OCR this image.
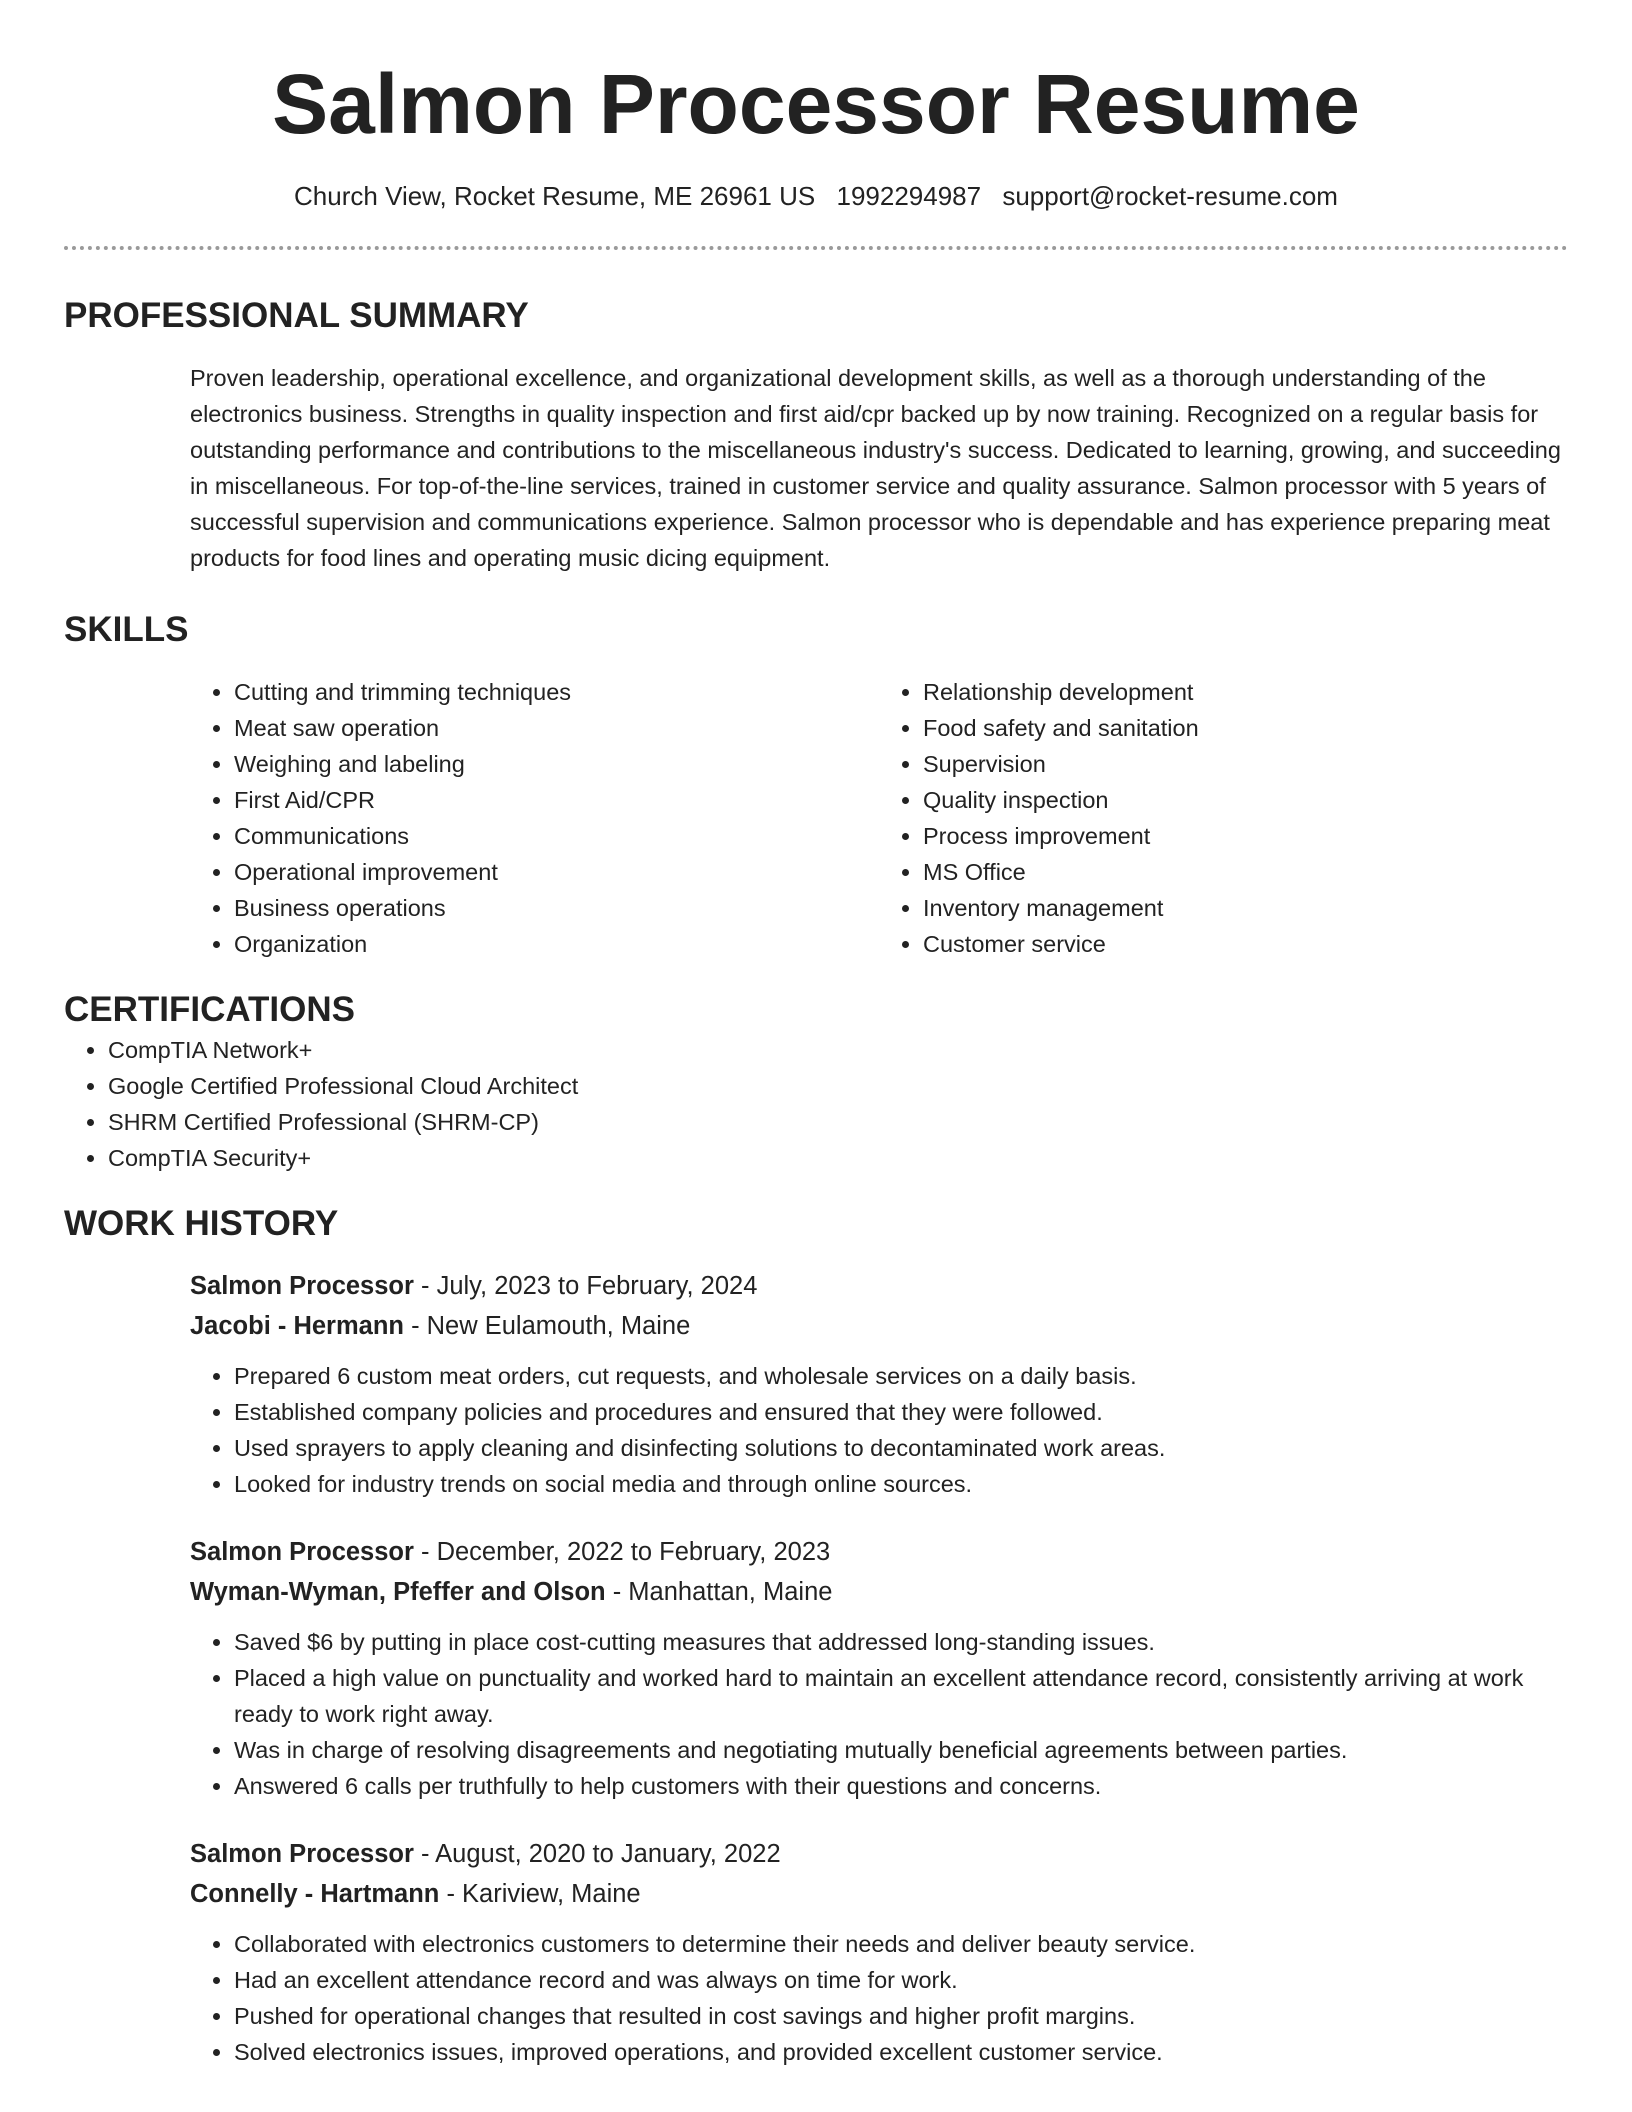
Salmon Processor Resume
Church View, Rocket Resume, ME 26961 US 1992294987 support@rocket-resume.com
PROFESSIONAL SUMMARY

Proven leadership, operational excellence, and organizational development skills, as well as a thorough understanding of the electronics business. Strengths in quality inspection and first aid/cpr backed up by now training. Recognized on a regular basis for outstanding performance and contributions to the miscellaneous industry's success. Dedicated to learning, growing, and succeeding in miscellaneous. For top-of-the-line services, trained in customer service and quality assurance. Salmon processor with 5 years of successful supervision and communications experience. Salmon processor who is dependable and has experience preparing meat products for food lines and operating music dicing equipment.

SKILLS
• Cutting and trimming techniques
• Meat saw operation
• Weighing and labeling
• First Aid/CPR
• Communications
• Operational improvement
• Business operations
• Organization
• Relationship development
• Food safety and sanitation
• Supervision
• Quality inspection
• Process improvement
• MS Office
• Inventory management
• Customer service
CERTIFICATIONS
• CompTIA Network+
• Google Certified Professional Cloud Architect
• SHRM Certified Professional (SHRM-CP)
• CompTIA Security+
WORK HISTORY
Salmon Processor - July, 2023 to February, 2024
Jacobi - Hermann - New Eulamouth, Maine
• Prepared 6 custom meat orders, cut requests, and wholesale services on a daily basis.
• Established company policies and procedures and ensured that they were followed.
• Used sprayers to apply cleaning and disinfecting solutions to decontaminated work areas.
• Looked for industry trends on social media and through online sources.
Salmon Processor - December, 2022 to February, 2023
Wyman-Wyman, Pfeffer and Olson - Manhattan, Maine
• Saved $6 by putting in place cost-cutting measures that addressed long-standing issues.
• Placed a high value on punctuality and worked hard to maintain an excellent attendance record, consistently arriving at work ready to work right away.
• Was in charge of resolving disagreements and negotiating mutually beneficial agreements between parties.
• Answered 6 calls per truthfully to help customers with their questions and concerns.
Salmon Processor - August, 2020 to January, 2022
Connelly - Hartmann - Kariview, Maine
• Collaborated with electronics customers to determine their needs and deliver beauty service.
• Had an excellent attendance record and was always on time for work.
• Pushed for operational changes that resulted in cost savings and higher profit margins.
• Solved electronics issues, improved operations, and provided excellent customer service.
